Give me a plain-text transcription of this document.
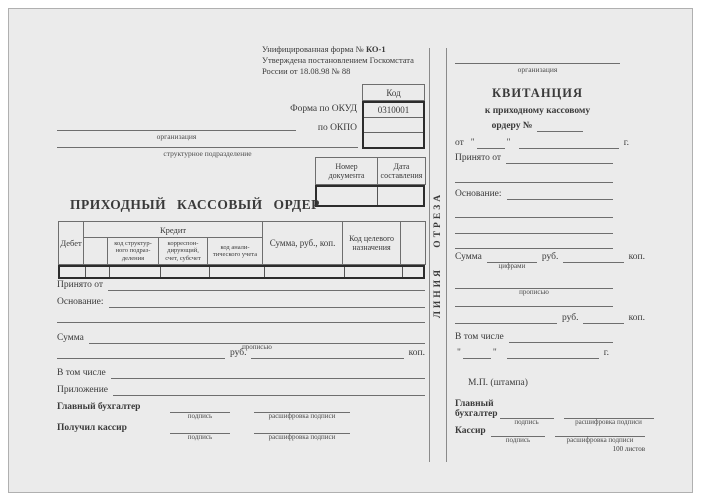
Унифицированная форма № КО-1
Утверждена постановлением Госкомстата
России от 18.08.98 № 88
Код
0310001
Форма по ОКУД
по ОКПО
организация
структурное подразделение
Номер документа	Дата составления
ПРИХОДНЫЙ КАССОВЫЙ ОРДЕР
Дебет	Кредит				Сумма, руб., коп.	Код целевого назначения	
		код структур- ного подраз- деления	корреспон- дирующий, счет, субсчет	код анали- тического учета			
Принято от
Основание:
Сумма
прописью
руб.	коп.
В том числе
Приложение
Главный бухгалтер
подпись	расшифровка подписи
Получил кассир
подпись	расшифровка подписи
ЛИНИЯ ОТРЕЗА
организация
КВИТАНЦИЯ
к приходному кассовому
ордеру №
от "	"	г.
Принято от
Основание:
Сумма
цифрами
руб.	коп.
прописью
руб.	коп.
В том числе
"	"	г.
М.П. (штампа)
Главный бухгалтер
подпись	расшифровка подписи
Кассир
подпись	расшифровка подписи
100 листов
